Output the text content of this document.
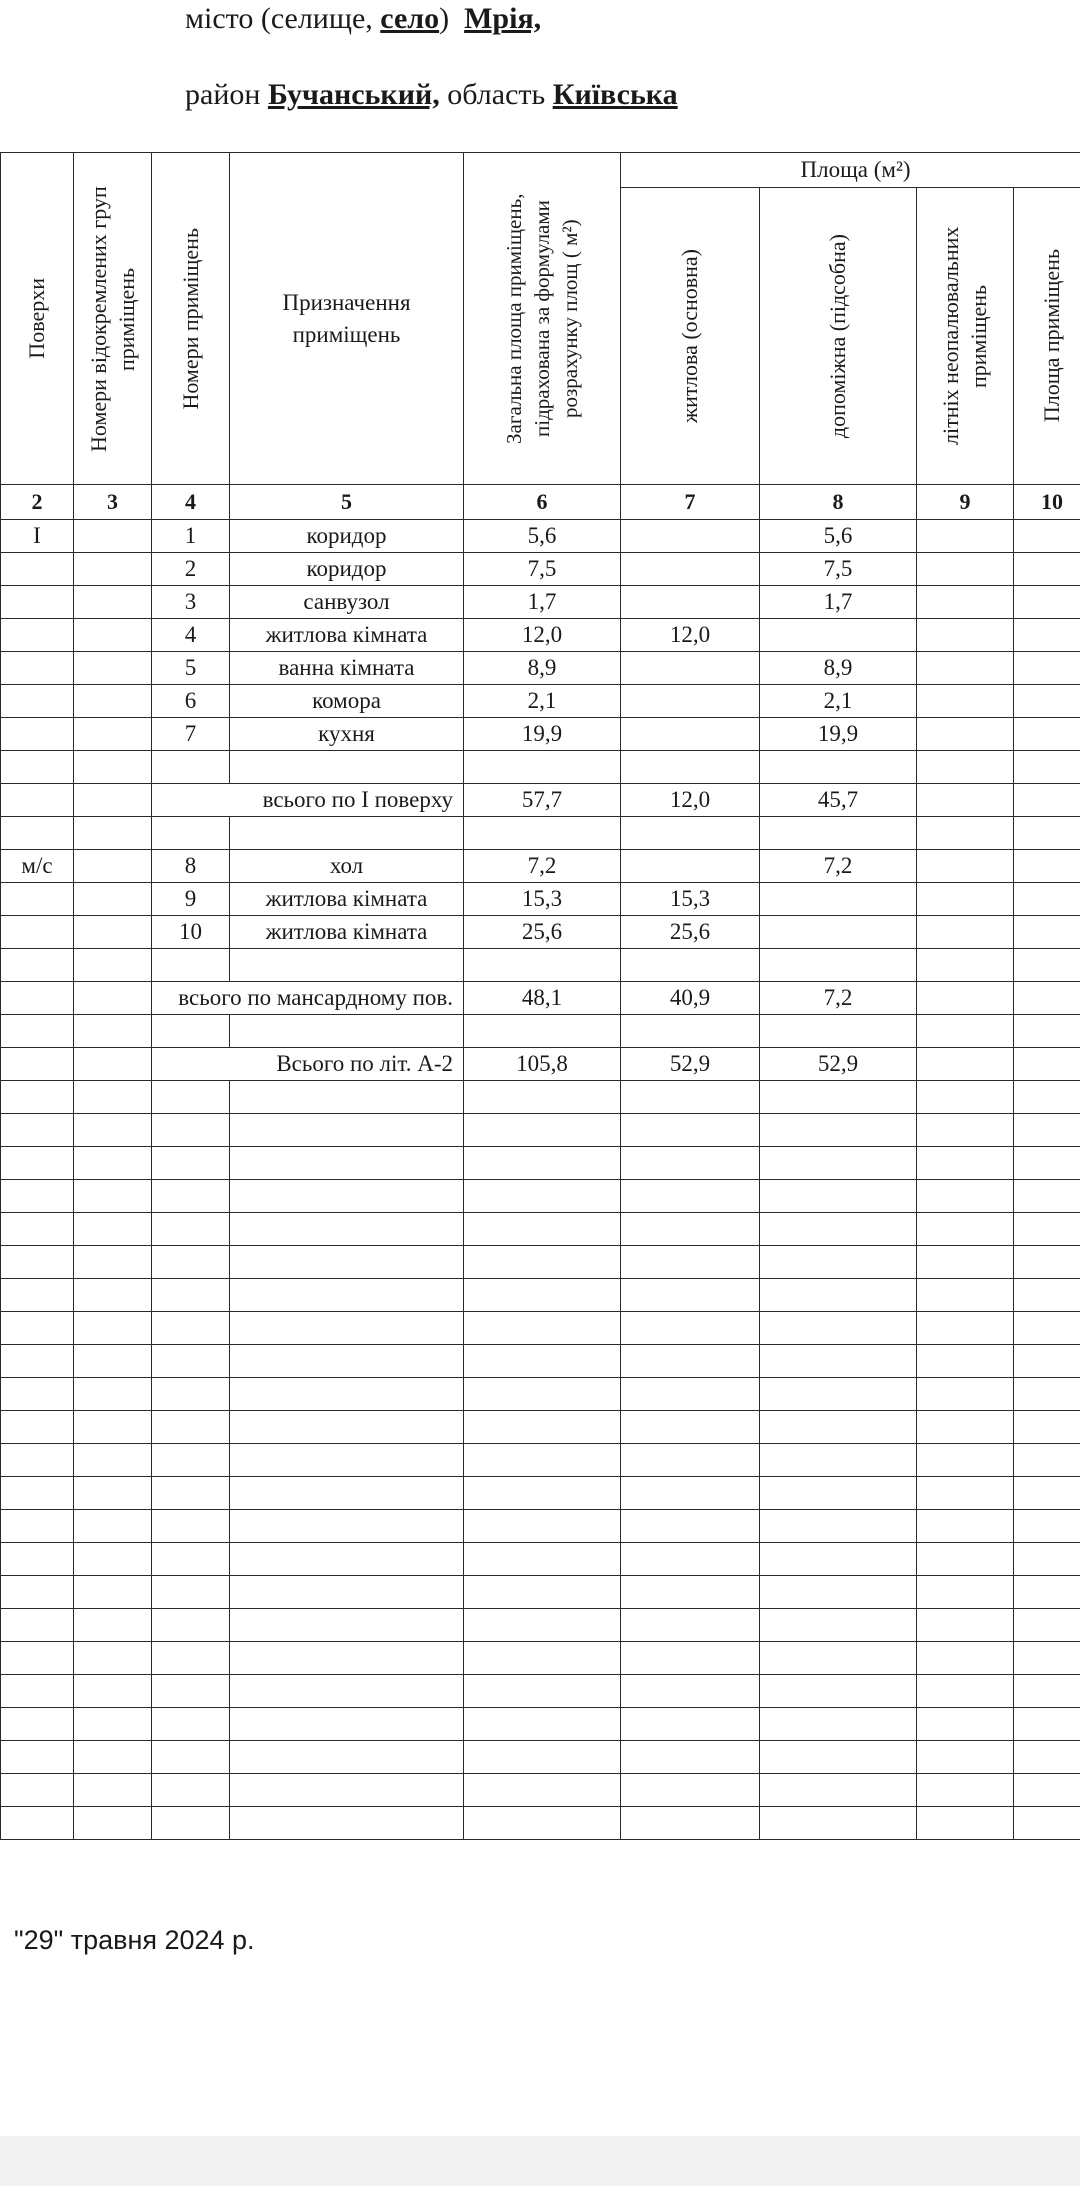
місто (селище, село) Мрія,
район Бучанський, область Київська
Поверхи	Номери відокремлених груп приміщень	Номери приміщень	Призначення приміщень	Загальна площа приміщень, підрахована за формулами розрахунку площ ( м²)	Площа (м²)			

					житлова (основна)	допоміжна (підсобна)	літніх неопалювальних приміщень	Площа приміщень

2	3	4	5	6	7	8	9	10
I		1	коридор	5,6		5,6		
		2	коридор	7,5		7,5		
		3	санвузол	1,7		1,7		
		4	житлова кімната	12,0	12,0			
		5	ванна кімната	8,9		8,9		
		6	комора	2,1		2,1		
		7	кухня	19,9		19,9		

		всього по I поверху		57,7	12,0	45,7		

м/с		8	хол	7,2		7,2		
		9	житлова кімната	15,3	15,3			
		10	житлова кімната	25,6	25,6			

		всього по мансардному пов.		48,1	40,9	7,2		

		Всього по літ. А-2		105,8	52,9	52,9		

"29" травня 2024 р.
